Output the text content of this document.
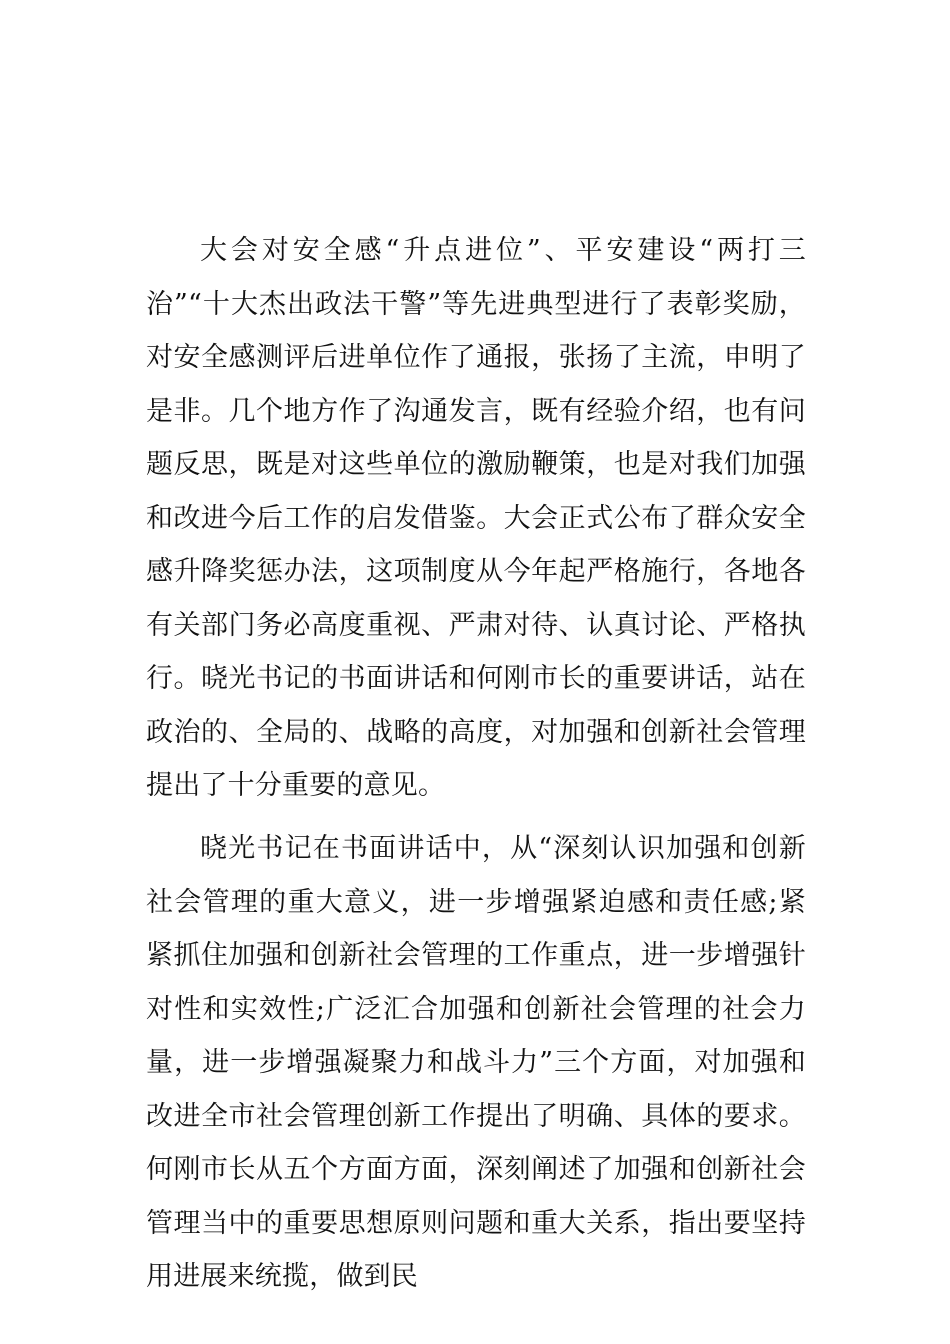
大会对安全感“升点进位”、平安建设“两打三治”“十大杰出政法干警”等先进典型进行了表彰奖励，对安全感测评后进单位作了通报，张扬了主流，申明了是非。几个地方作了沟通发言，既有经验介绍，也有问题反思，既是对这些单位的激励鞭策，也是对我们加强和改进今后工作的启发借鉴。大会正式公布了群众安全感升降奖惩办法，这项制度从今年起严格施行，各地各有关部门务必高度重视、严肃对待、认真讨论、严格执行。晓光书记的书面讲话和何刚市长的重要讲话，站在政治的、全局的、战略的高度，对加强和创新社会管理提出了十分重要的意见。

晓光书记在书面讲话中，从“深刻认识加强和创新社会管理的重大意义，进一步增强紧迫感和责任感;紧紧抓住加强和创新社会管理的工作重点，进一步增强针对性和实效性;广泛汇合加强和创新社会管理的社会力量，进一步增强凝聚力和战斗力”三个方面，对加强和改进全市社会管理创新工作提出了明确、具体的要求。何刚市长从五个方面方面，深刻阐述了加强和创新社会管理当中的重要思想原则问题和重大关系，指出要坚持用进展来统揽，做到民
